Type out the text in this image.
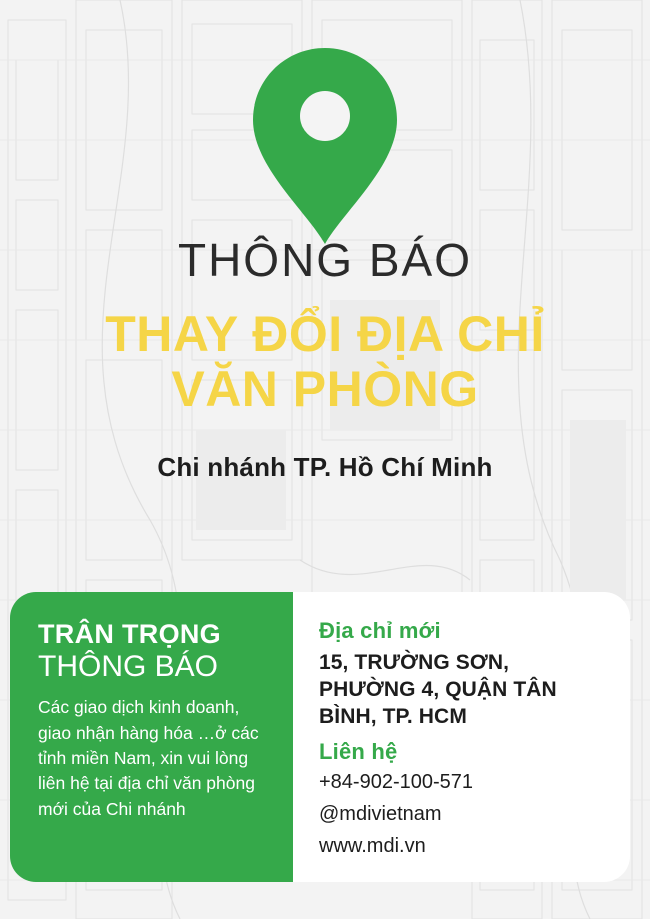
THÔNG BÁO
THAY ĐỔI ĐỊA CHỈ
VĂN PHÒNG
Chi nhánh TP. Hồ Chí Minh
TRÂN TRỌNG
THÔNG BÁO
Các giao dịch kinh doanh, giao nhận hàng hóa …ở các tỉnh miền Nam, xin vui lòng liên hệ tại địa chỉ văn phòng mới của Chi nhánh
Địa chỉ mới
15, TRƯỜNG SƠN,
PHƯỜNG 4, QUẬN TÂN
BÌNH, TP. HCM
Liên hệ
+84-902-100-571
@mdivietnam
www.mdi.vn
